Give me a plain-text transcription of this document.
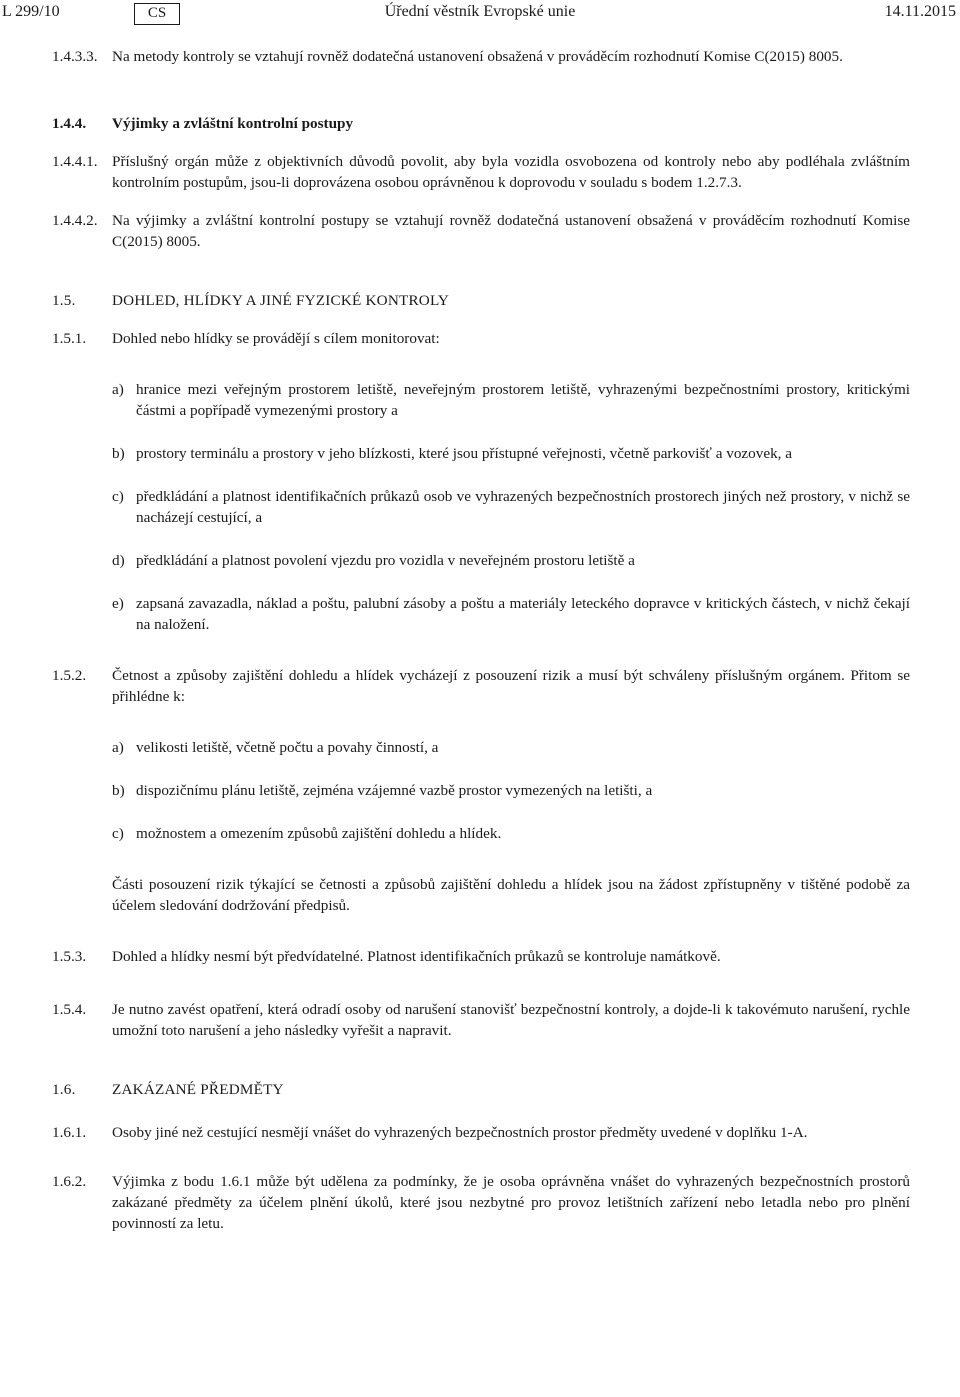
L 299/10	CS	Úřední věstník Evropské unie	14.11.2015
1.4.3.3. Na metody kontroly se vztahují rovněž dodatečná ustanovení obsažená v prováděcím rozhodnutí Komise C(2015) 8005.
1.4.4. Výjimky a zvláštní kontrolní postupy
1.4.4.1. Příslušný orgán může z objektivních důvodů povolit, aby byla vozidla osvobozena od kontroly nebo aby podléhala zvláštním kontrolním postupům, jsou-li doprovázena osobou oprávněnou k doprovodu v souladu s bodem 1.2.7.3.
1.4.4.2. Na výjimky a zvláštní kontrolní postupy se vztahují rovněž dodatečná ustanovení obsažená v prováděcím rozhodnutí Komise C(2015) 8005.
1.5. DOHLED, HLÍDKY A JINÉ FYZICKÉ KONTROLY
1.5.1. Dohled nebo hlídky se provádějí s cílem monitorovat:
a) hranice mezi veřejným prostorem letiště, neveřejným prostorem letiště, vyhrazenými bezpečnostními prostory, kritickými částmi a popřípadě vymezenými prostory a
b) prostory terminálu a prostory v jeho blízkosti, které jsou přístupné veřejnosti, včetně parkovišť a vozovek, a
c) předkládání a platnost identifikačních průkazů osob ve vyhrazených bezpečnostních prostorech jiných než prostory, v nichž se nacházejí cestující, a
d) předkládání a platnost povolení vjezdu pro vozidla v neveřejném prostoru letiště a
e) zapsaná zavazadla, náklad a poštu, palubní zásoby a poštu a materiály leteckého dopravce v kritických částech, v nichž čekají na naložení.
1.5.2. Četnost a způsoby zajištění dohledu a hlídek vycházejí z posouzení rizik a musí být schváleny příslušným orgánem. Přitom se přihlédne k:
a) velikosti letiště, včetně počtu a povahy činností, a
b) dispozičnímu plánu letiště, zejména vzájemné vazbě prostor vymezených na letišti, a
c) možnostem a omezením způsobů zajištění dohledu a hlídek.
Části posouzení rizik týkající se četnosti a způsobů zajištění dohledu a hlídek jsou na žádost zpřístupněny v tištěné podobě za účelem sledování dodržování předpisů.
1.5.3. Dohled a hlídky nesmí být předvídatelné. Platnost identifikačních průkazů se kontroluje namátkově.
1.5.4. Je nutno zavést opatření, která odradí osoby od narušení stanovišť bezpečnostní kontroly, a dojde-li k takovémuto narušení, rychle umožní toto narušení a jeho následky vyřešit a napravit.
1.6. ZAKÁZANÉ PŘEDMĚTY
1.6.1. Osoby jiné než cestující nesmějí vnášet do vyhrazených bezpečnostních prostor předměty uvedené v doplňku 1-A.
1.6.2. Výjimka z bodu 1.6.1 může být udělena za podmínky, že je osoba oprávněna vnášet do vyhrazených bezpečnostních prostorů zakázané předměty za účelem plnění úkolů, které jsou nezbytné pro provoz letištních zařízení nebo letadla nebo pro plnění povinností za letu.
